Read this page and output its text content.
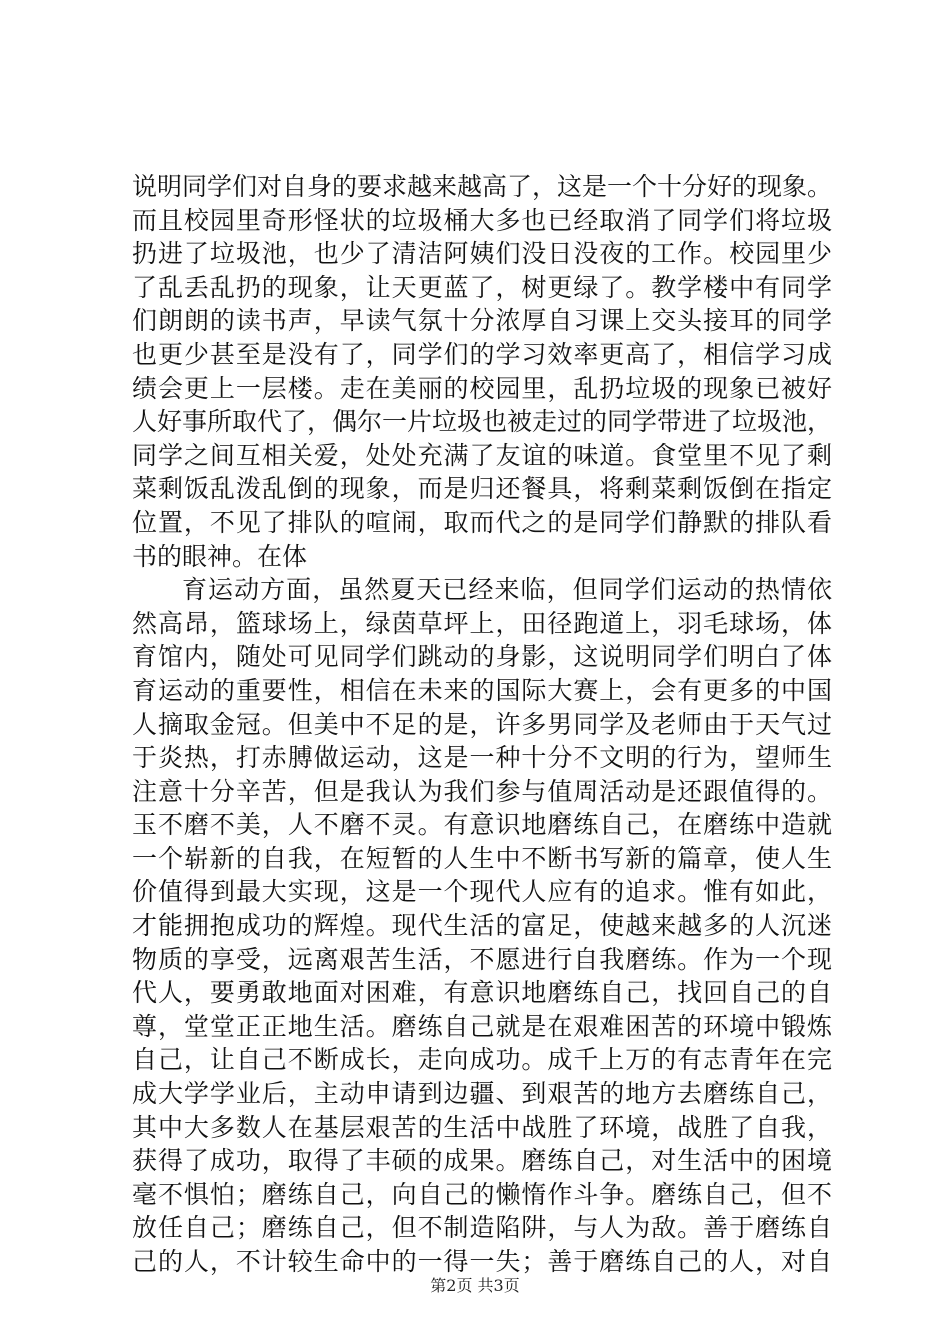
说明同学们对自身的要求越来越高了，这是一个十分好的现象。
而且校园里奇形怪状的垃圾桶大多也已经取消了同学们将垃圾
扔进了垃圾池，也少了清洁阿姨们没日没夜的工作。校园里少
了乱丢乱扔的现象，让天更蓝了，树更绿了。教学楼中有同学
们朗朗的读书声，早读气氛十分浓厚自习课上交头接耳的同学
也更少甚至是没有了，同学们的学习效率更高了，相信学习成
绩会更上一层楼。走在美丽的校园里，乱扔垃圾的现象已被好
人好事所取代了，偶尔一片垃圾也被走过的同学带进了垃圾池，
同学之间互相关爱，处处充满了友谊的味道。食堂里不见了剩
菜剩饭乱泼乱倒的现象，而是归还餐具，将剩菜剩饭倒在指定
位置，不见了排队的喧闹，取而代之的是同学们静默的排队看
书的眼神。在体
育运动方面，虽然夏天已经来临，但同学们运动的热情依
然高昂，篮球场上，绿茵草坪上，田径跑道上，羽毛球场，体
育馆内，随处可见同学们跳动的身影，这说明同学们明白了体
育运动的重要性，相信在未来的国际大赛上，会有更多的中国
人摘取金冠。但美中不足的是，许多男同学及老师由于天气过
于炎热，打赤膊做运动，这是一种十分不文明的行为，望师生
注意十分辛苦，但是我认为我们参与值周活动是还跟值得的。
玉不磨不美，人不磨不灵。有意识地磨练自己，在磨练中造就
一个崭新的自我，在短暂的人生中不断书写新的篇章，使人生
价值得到最大实现，这是一个现代人应有的追求。惟有如此，
才能拥抱成功的辉煌。现代生活的富足，使越来越多的人沉迷
物质的享受，远离艰苦生活，不愿进行自我磨练。作为一个现
代人，要勇敢地面对困难，有意识地磨练自己，找回自己的自
尊，堂堂正正地生活。磨练自己就是在艰难困苦的环境中锻炼
自己，让自己不断成长，走向成功。成千上万的有志青年在完
成大学学业后，主动申请到边疆、到艰苦的地方去磨练自己，
其中大多数人在基层艰苦的生活中战胜了环境，战胜了自我，
获得了成功，取得了丰硕的成果。磨练自己，对生活中的困境
毫不惧怕；磨练自己，向自己的懒惰作斗争。磨练自己，但不
放任自己；磨练自己，但不制造陷阱，与人为敌。善于磨练自
己的人，不计较生命中的一得一失；善于磨练自己的人，对自
第2页 共3页
